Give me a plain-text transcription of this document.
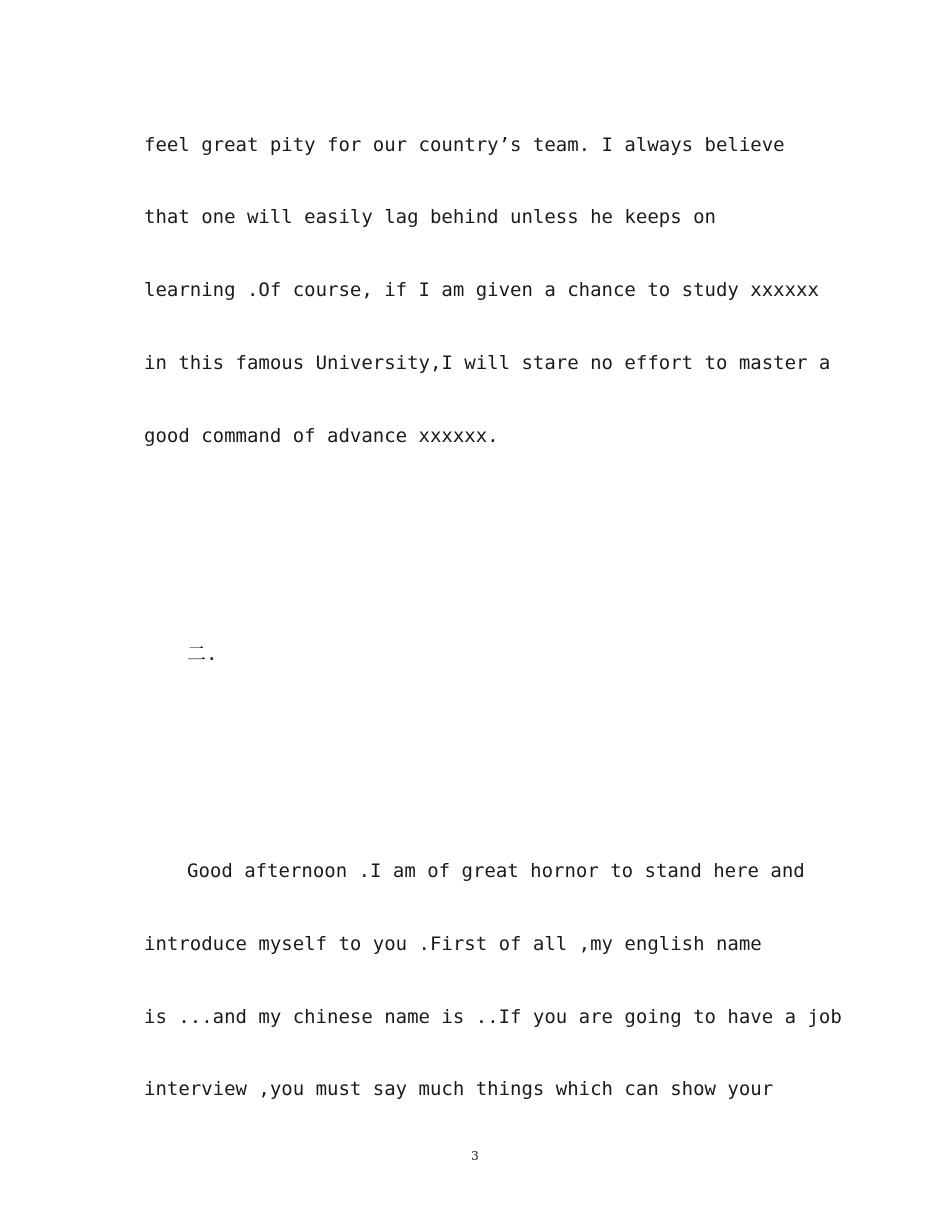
feel great pity for our country’s team. I always believe

that one will easily lag behind unless he keeps on

learning .Of course, if I am given a chance to study xxxxxx

in this famous University,I will stare no effort to master a

good command of advance xxxxxx.

二.

Good afternoon .I am of great hornor to stand here and

introduce myself to you .First of all ,my english name

is ...and my chinese name is ..If you are going to have a job

interview ,you must say much things which can show your

3
